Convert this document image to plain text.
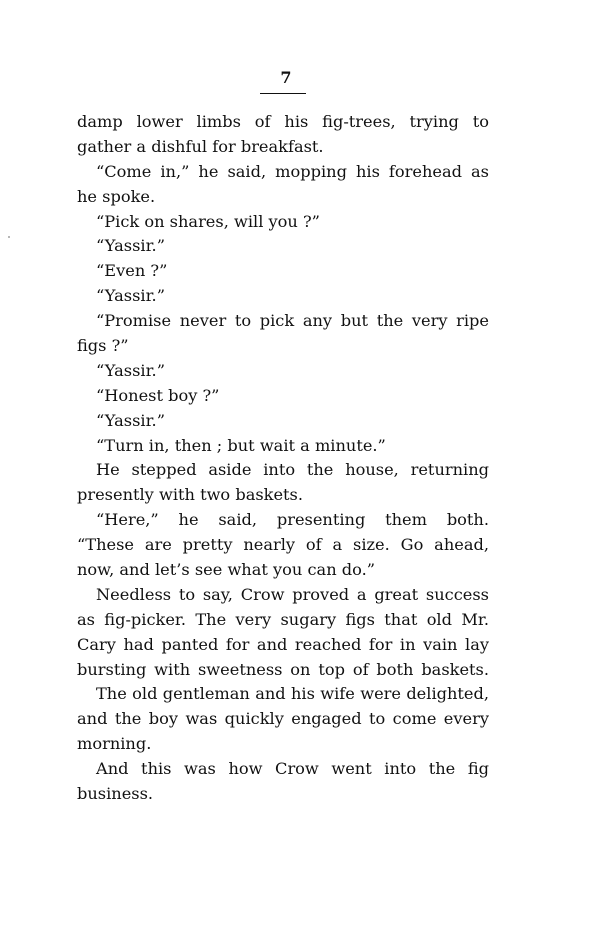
7
damp lower limbs of his fig-trees, trying to
gather a dishful for breakfast.
“Come in,” he said, mopping his forehead as
he spoke.
“Pick on shares, will you ?”
“Yassir.”
“Even ?”
“Yassir.”
“Promise never to pick any but the very ripe
figs ?”
“Yassir.”
“Honest boy ?”
“Yassir.”
“Turn in, then ; but wait a minute.”
He stepped aside into the house, returning
presently with two baskets.
“Here,” he said, presenting them both.
“These are pretty nearly of a size. Go ahead,
now, and let’s see what you can do.”
Needless to say, Crow proved a great success
as fig-picker. The very sugary figs that old Mr.
Cary had panted for and reached for in vain lay
bursting with sweetness on top of both baskets.
The old gentleman and his wife were delighted,
and the boy was quickly engaged to come every
morning.
And this was how Crow went into the fig
business.
